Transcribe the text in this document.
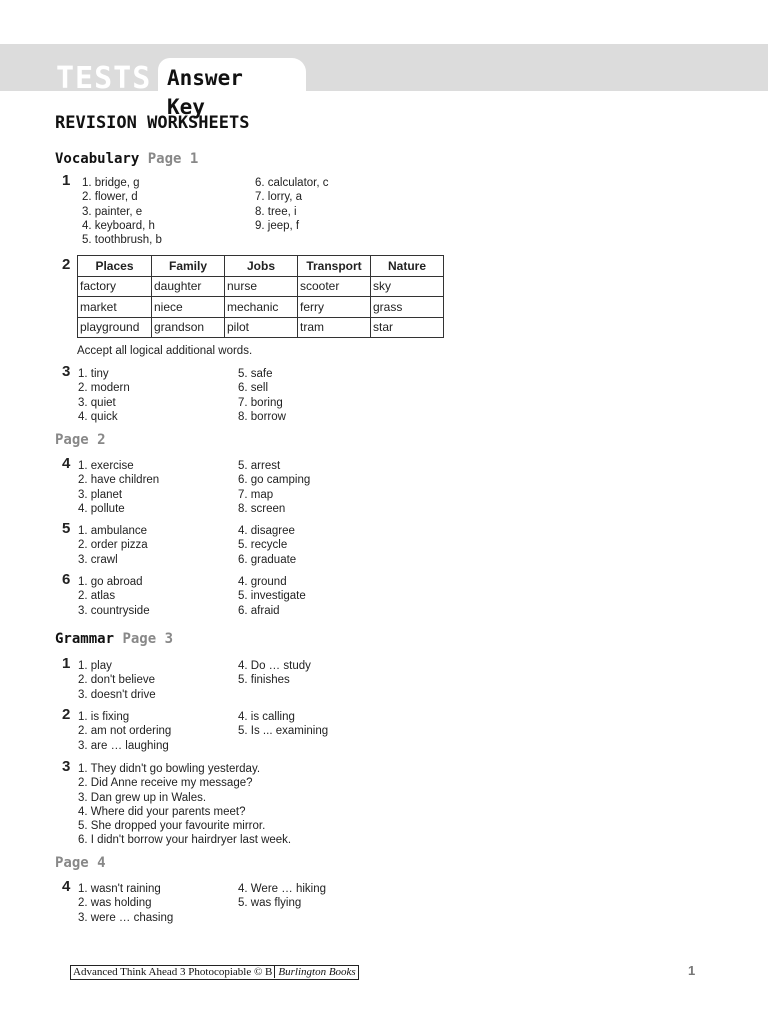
TESTS Answer Key
REVISION WORKSHEETS
Vocabulary Page 1
1 1. bridge, g
2. flower, d
3. painter, e
4. keyboard, h
5. toothbrush, b
6. calculator, c
7. lorry, a
8. tree, i
9. jeep, f
2 Places	Family	Jobs	Transport	Nature
factory	daughter	nurse	scooter	sky
market	niece	mechanic	ferry	grass
playground	grandson	pilot	tram	star
Accept all logical additional words.
3 1. tiny
2. modern
3. quiet
4. quick
5. safe
6. sell
7. boring
8. borrow
Page 2
4 1. exercise
2. have children
3. planet
4. pollute
5. arrest
6. go camping
7. map
8. screen
5 1. ambulance
2. order pizza
3. crawl
4. disagree
5. recycle
6. graduate
6 1. go abroad
2. atlas
3. countryside
4. ground
5. investigate
6. afraid
Grammar Page 3
1 1. play
2. don't believe
3. doesn't drive
4. Do … study
5. finishes
2 1. is fixing
2. am not ordering
3. are … laughing
4. is calling
5. Is ... examining
3 1. They didn't go bowling yesterday.
2. Did Anne receive my message?
3. Dan grew up in Wales.
4. Where did your parents meet?
5. She dropped your favourite mirror.
6. I didn't borrow your hairdryer last week.
Page 4
4 1. wasn't raining
2. was holding
3. were … chasing
4. Were … hiking
5. was flying
Advanced Think Ahead 3 Photocopiable © B Burlington Books	1
